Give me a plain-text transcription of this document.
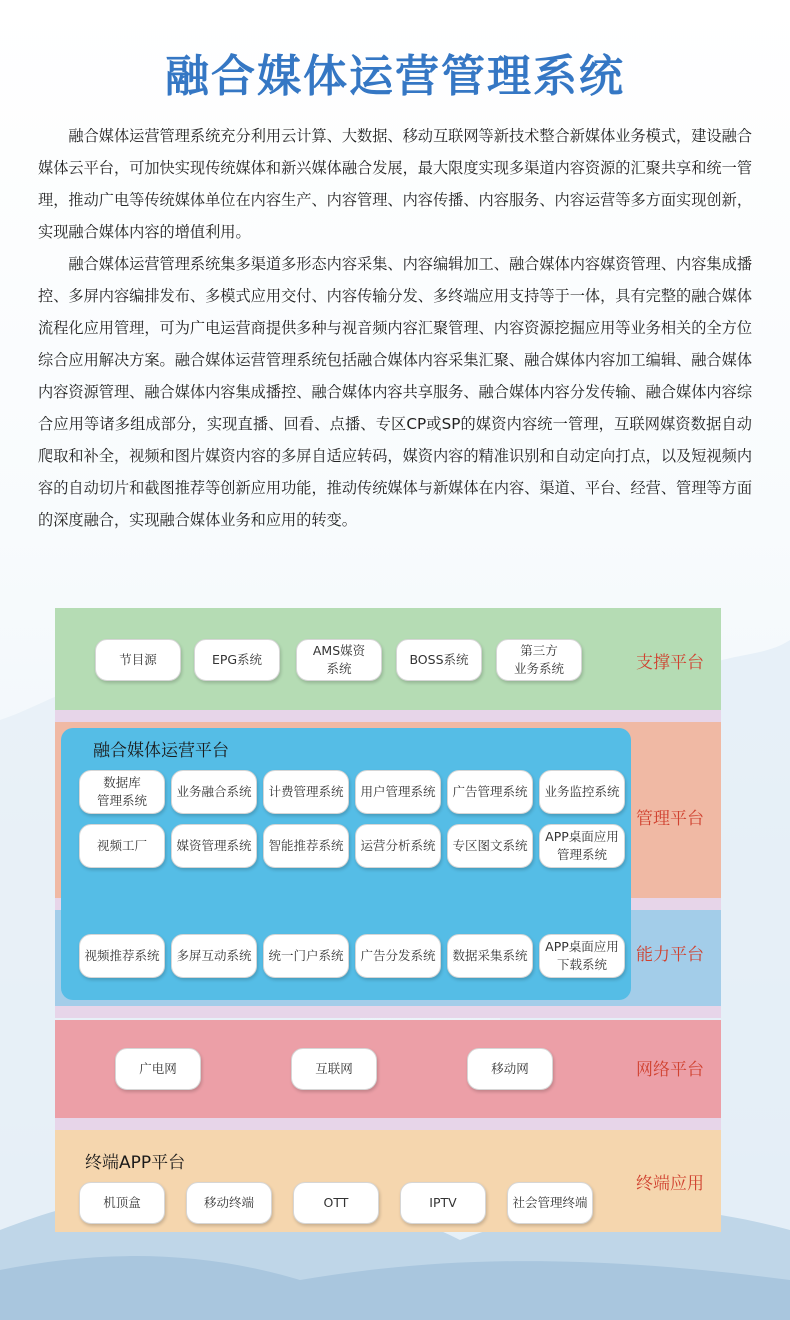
融合媒体运营管理系统

融合媒体运营管理系统充分利用云计算、大数据、移动互联网等新技术整合新媒体业务模式，建设融合媒体云平台，可加快实现传统媒体和新兴媒体融合发展，最大限度实现多渠道内容资源的汇聚共享和统一管理，推动广电等传统媒体单位在内容生产、内容管理、内容传播、内容服务、内容运营等多方面实现创新，实现融合媒体内容的增值利用。

融合媒体运营管理系统集多渠道多形态内容采集、内容编辑加工、融合媒体内容媒资管理、内容集成播控、多屏内容编排发布、多模式应用交付、内容传输分发、多终端应用支持等于一体，具有完整的融合媒体流程化应用管理，可为广电运营商提供多种与视音频内容汇聚管理、内容资源挖掘应用等业务相关的全方位综合应用解决方案。融合媒体运营管理系统包括融合媒体内容采集汇聚、融合媒体内容加工编辑、融合媒体内容资源管理、融合媒体内容集成播控、融合媒体内容共享服务、融合媒体内容分发传输、融合媒体内容综合应用等诸多组成部分，实现直播、回看、点播、专区CP或SP的媒资内容统一管理，互联网媒资数据自动爬取和补全，视频和图片媒资内容的多屏自适应转码，媒资内容的精准识别和自动定向打点，以及短视频内容的自动切片和截图推荐等创新应用功能，推动传统媒体与新媒体在内容、渠道、平台、经营、管理等方面的深度融合，实现融合媒体业务和应用的转变。

支撑平台
节目源	EPG系统
AMS媒资
系统
BOSS系统
第三方
业务系统
管理平台
能力平台
融合媒体运营平台
数据库
管理系统
业务融合系统	计费管理系统	用户管理系统	广告管理系统	业务监控系统
视频工厂	媒资管理系统	智能推荐系统	运营分析系统	专区图文系统
APP桌面应用
管理系统
视频推荐系统	多屏互动系统	统一门户系统	广告分发系统	数据采集系统
APP桌面应用
下载系统
网络平台
广电网	互联网	移动网
终端应用
终端APP平台
机顶盒	移动终端	OTT	IPTV	社会管理终端
